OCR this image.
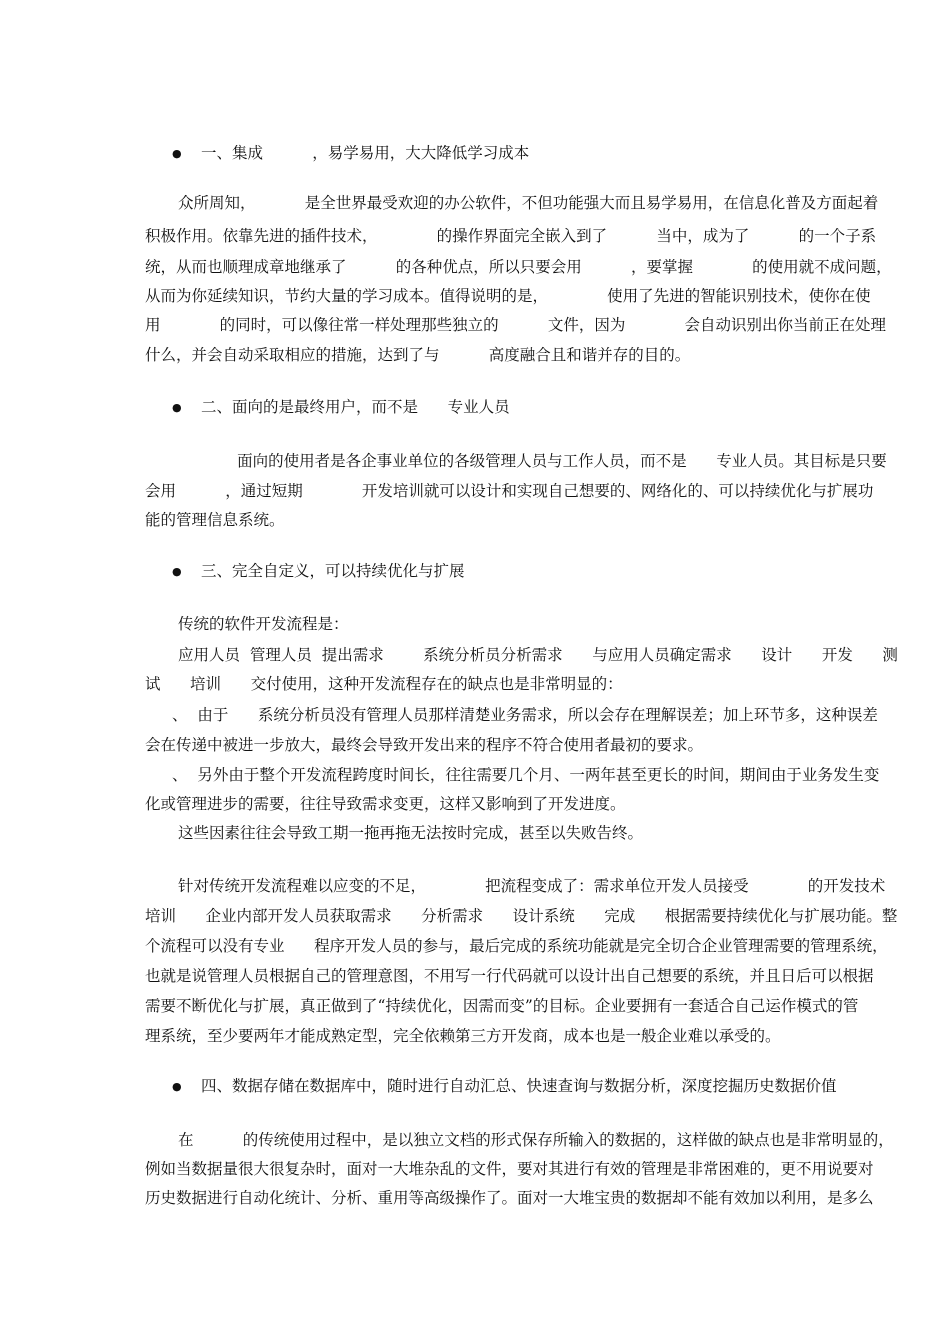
● 一、集成          ，易学易用，大大降低学习成本
众所周知，          是全世界最受欢迎的办公软件，不但功能强大而且易学易用，在信息化普及方面起着
积极作用。依靠先进的插件技术，            的操作界面完全嵌入到了          当中，成为了          的一个子系
统，从而也顺理成章地继承了          的各种优点，所以只要会用          ，要掌握            的使用就不成问题，
从而为你延续知识，节约大量的学习成本。值得说明的是，            使用了先进的智能识别技术，使你在使
用            的同时，可以像往常一样处理那些独立的          文件，因为            会自动识别出你当前正在处理
什么，并会自动采取相应的措施，达到了与          高度融合且和谐并存的目的。
● 二、面向的是最终用户，而不是      专业人员
面向的使用者是各企事业单位的各级管理人员与工作人员，而不是      专业人员。其目标是只要
会用          ，通过短期            开发培训就可以设计和实现自己想要的、网络化的、可以持续优化与扩展功
能的管理信息系统。
● 三、完全自定义，可以持续优化与扩展
传统的软件开发流程是：
应用人员  管理人员  提出需求        系统分析员分析需求      与应用人员确定需求      设计      开发      测
试      培训      交付使用，这种开发流程存在的缺点也是非常明显的：
、  由于      系统分析员没有管理人员那样清楚业务需求，所以会存在理解误差；加上环节多，这种误差
会在传递中被进一步放大，最终会导致开发出来的程序不符合使用者最初的要求。
、  另外由于整个开发流程跨度时间长，往往需要几个月、一两年甚至更长的时间，期间由于业务发生变
化或管理进步的需要，往往导致需求变更，这样又影响到了开发进度。
这些因素往往会导致工期一拖再拖无法按时完成，甚至以失败告终。
针对传统开发流程难以应变的不足，            把流程变成了：需求单位开发人员接受            的开发技术
培训      企业内部开发人员获取需求      分析需求      设计系统      完成      根据需要持续优化与扩展功能。整
个流程可以没有专业      程序开发人员的参与，最后完成的系统功能就是完全切合企业管理需要的管理系统，
也就是说管理人员根据自己的管理意图，不用写一行代码就可以设计出自己想要的系统，并且日后可以根据
需要不断优化与扩展，真正做到了“持续优化，因需而变”的目标。企业要拥有一套适合自己运作模式的管
理系统，至少要两年才能成熟定型，完全依赖第三方开发商，成本也是一般企业难以承受的。
● 四、数据存储在数据库中，随时进行自动汇总、快速查询与数据分析，深度挖掘历史数据价值
在          的传统使用过程中，是以独立文档的形式保存所输入的数据的，这样做的缺点也是非常明显的，
例如当数据量很大很复杂时，面对一大堆杂乱的文件，要对其进行有效的管理是非常困难的，更不用说要对
历史数据进行自动化统计、分析、重用等高级操作了。面对一大堆宝贵的数据却不能有效加以利用，是多么
